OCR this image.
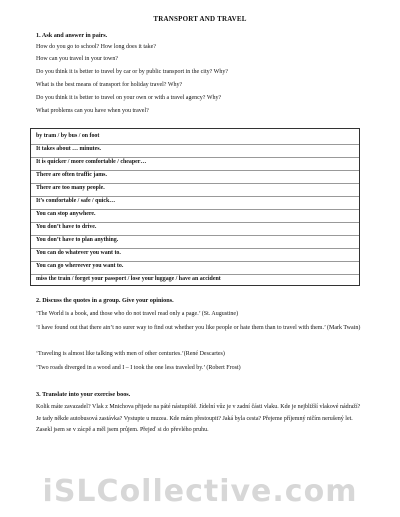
TRANSPORT AND TRAVEL
1. Ask and answer in pairs.
How do you go to school? How long does it take?
How can you travel in your town?
Do you think it is better to travel by car or by public transport in the city? Why?
What is the best means of transport for holiday travel? Why?
Do you think it is better to travel on your own or with a travel agency? Why?
What problems can you have when you travel?
by tram / by bus / on foot
It takes about … minutes.
It is quicker / more comfortable / cheaper…
There are often traffic jams.
There are too many people.
It’s comfortable / safe / quick…
You can stop anywhere.
You don’t have to drive.
You don’t have to plan anything.
You can do whatever you want to.
You can go whereever you want to.
miss the train / forget your passport / lose your luggage / have an accident
2. Discuss the quotes in a group. Give your opinions.
‘The World is a book, and those who do not travel read only a page.’ (St. Augustine)
‘I have found out that there ain’t no surer way to find out whether you like people or hate them than to travel with them.’ (Mark Twain)
‘Traveling is almost like talking with men of other centuries.’(René Descartes)
‘Two roads diverged in a wood and I – I took the one less traveled by.’ (Robert Frost)
3. Translate into your exercise boos.
Kolik máte zavazadel? Vlak z Mnichova přijede na páté nástupiště. Jídelní vůz je v zadní části vlaku. Kde je nejbližší vlakové nádraží? Je tady někde autobusová zastávka? Vystupte u muzea. Kde mám přestoupit? Jaká byla cesta? Přejeme příjemný ničím nerušený let. Zasekl jsem se v zácpě a měl jsem průjem. Přejeď si do převlého pruhu.
iSLCollective.com
